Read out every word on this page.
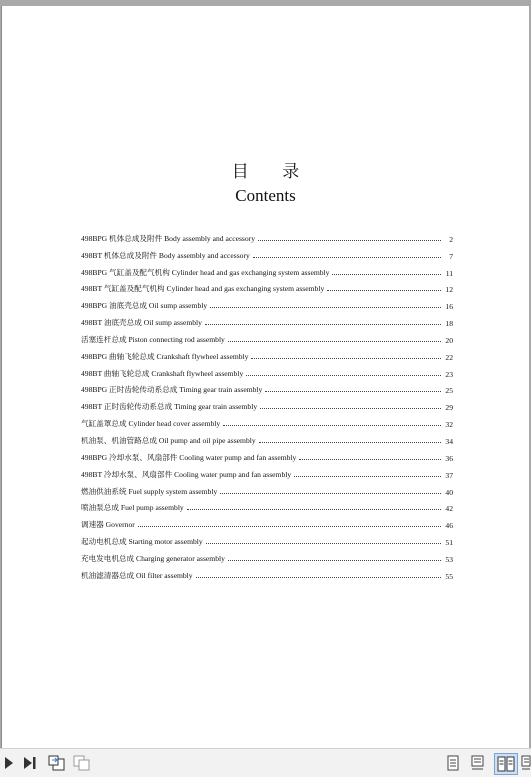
目 录
Contents
498BPG 机体总成及附件 Body assembly and accessory	2
498BT 机体总成及附件 Body assembly and accessory	7
498BPG 气缸盖及配气机构 Cylinder head and gas exchanging system assembly	11
498BT 气缸盖及配气机构 Cylinder head and gas exchanging system assembly	12
498BPG 油底壳总成 Oil sump assembly	16
498BT 油底壳总成 Oil sump assembly	18
活塞连杆总成 Piston connecting rod assembly	20
498BPG 曲轴飞轮总成 Crankshaft flywheel assembly	22
498BT 曲轴飞轮总成 Crankshaft flywheel assembly	23
498BPG 正时齿轮传动系总成 Timing gear train assembly	25
498BT 正时齿轮传动系总成 Timing gear train assembly	29
气缸盖罩总成 Cylinder head cover assembly	32
机油泵、机油管路总成 Oil pump and oil pipe assembly	34
498BPG 冷却水泵、风扇部件 Cooling water pump and fan assembly	36
498BT 冷却水泵、风扇部件 Cooling water pump and fan assembly	37
燃油供油系统 Fuel supply system assembly	40
喷油泵总成 Fuel pump assembly	42
调速器 Governor	46
起动电机总成 Starting motor assembly	51
充电发电机总成 Charging generator assembly	53
机油滤清器总成 Oil filter assembly	55
